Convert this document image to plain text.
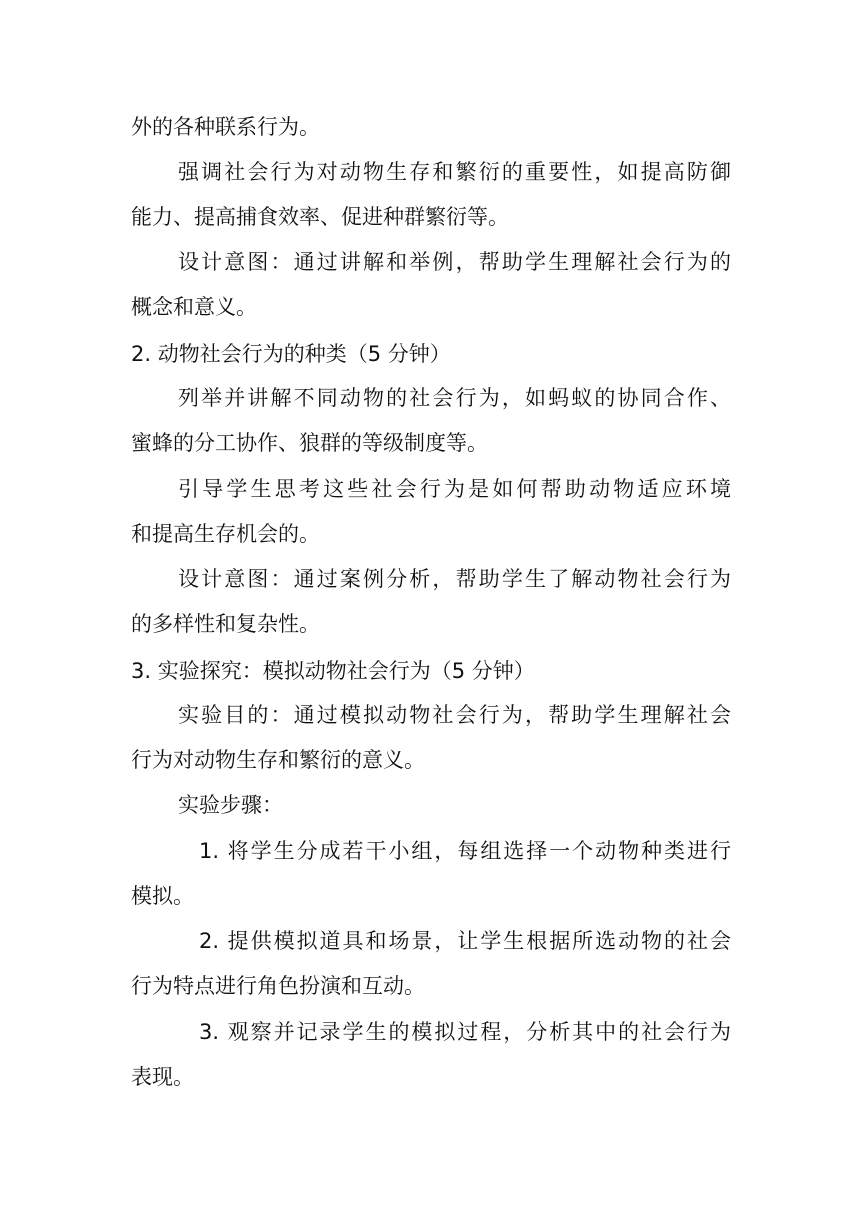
外的各种联系行为。
强调社会行为对动物生存和繁衍的重要性，如提高防御
能力、提高捕食效率、促进种群繁衍等。
设计意图：通过讲解和举例，帮助学生理解社会行为的
概念和意义。
2. 动物社会行为的种类（5 分钟）
列举并讲解不同动物的社会行为，如蚂蚁的协同合作、
蜜蜂的分工协作、狼群的等级制度等。
引导学生思考这些社会行为是如何帮助动物适应环境
和提高生存机会的。
设计意图：通过案例分析，帮助学生了解动物社会行为
的多样性和复杂性。
3. 实验探究：模拟动物社会行为（5 分钟）
实验目的：通过模拟动物社会行为，帮助学生理解社会
行为对动物生存和繁衍的意义。
实验步骤：
1. 将学生分成若干小组，每组选择一个动物种类进行
模拟。
2. 提供模拟道具和场景，让学生根据所选动物的社会
行为特点进行角色扮演和互动。
3. 观察并记录学生的模拟过程，分析其中的社会行为
表现。
